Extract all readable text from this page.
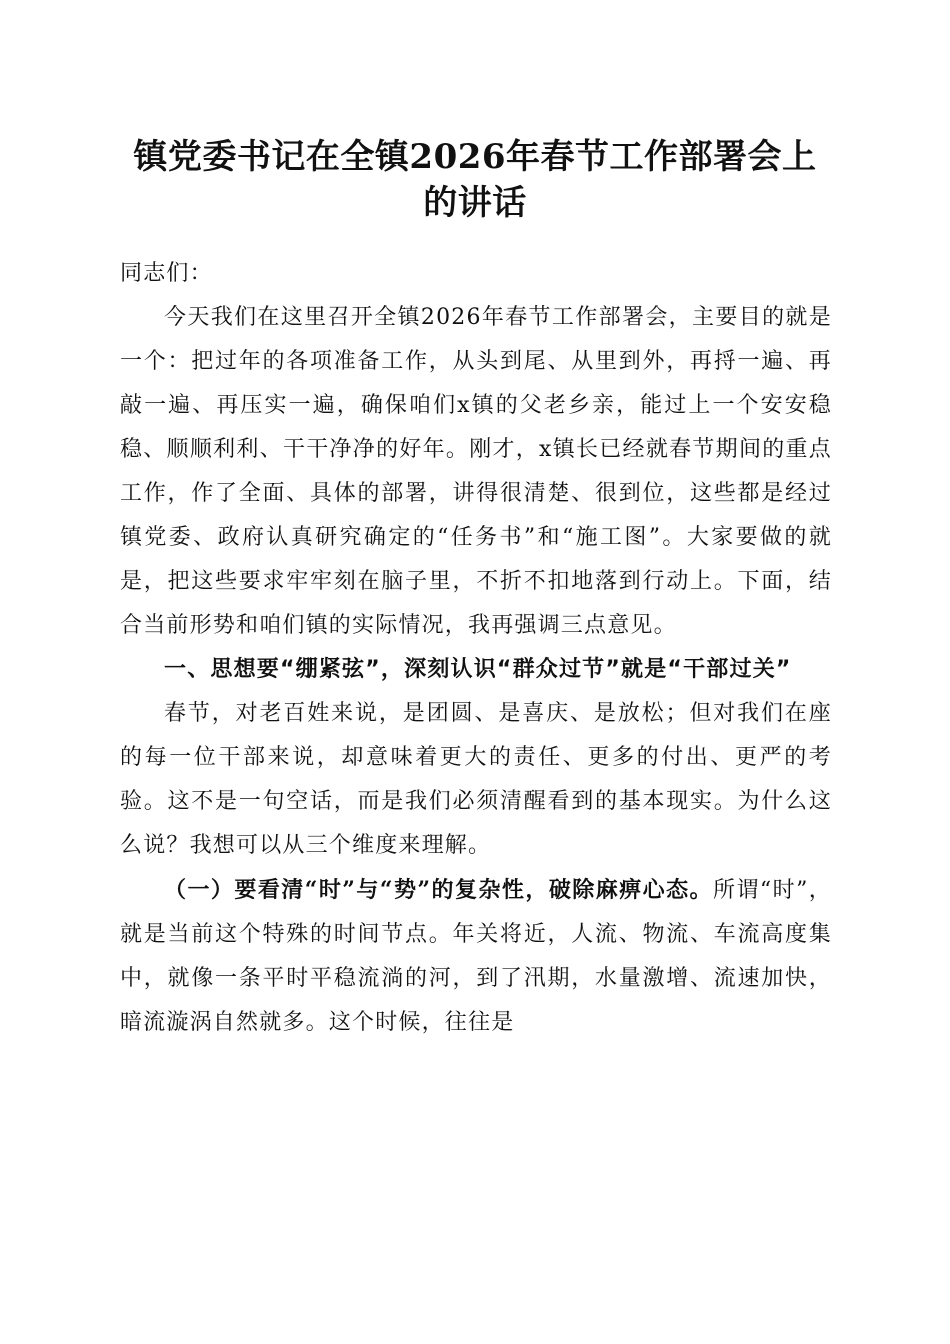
镇党委书记在全镇2026年春节工作部署会上
的讲话

同志们：

今天我们在这里召开全镇2026年春节工作部署会，主要目的就是一个：把过年的各项准备工作，从头到尾、从里到外，再捋一遍、再敲一遍、再压实一遍，确保咱们x镇的父老乡亲，能过上一个安安稳稳、顺顺利利、干干净净的好年。刚才，x镇长已经就春节期间的重点工作，作了全面、具体的部署，讲得很清楚、很到位，这些都是经过镇党委、政府认真研究确定的“任务书”和“施工图”。大家要做的就是，把这些要求牢牢刻在脑子里，不折不扣地落到行动上。下面，结合当前形势和咱们镇的实际情况，我再强调三点意见。

一、思想要“绷紧弦”，深刻认识“群众过节”就是“干部过关”

春节，对老百姓来说，是团圆、是喜庆、是放松；但对我们在座的每一位干部来说，却意味着更大的责任、更多的付出、更严的考验。这不是一句空话，而是我们必须清醒看到的基本现实。为什么这么说？我想可以从三个维度来理解。

（一）要看清“时”与“势”的复杂性，破除麻痹心态。所谓“时”，就是当前这个特殊的时间节点。年关将近，人流、物流、车流高度集中，就像一条平时平稳流淌的河，到了汛期，水量激增、流速加快，暗流漩涡自然就多。这个时候，往往是
